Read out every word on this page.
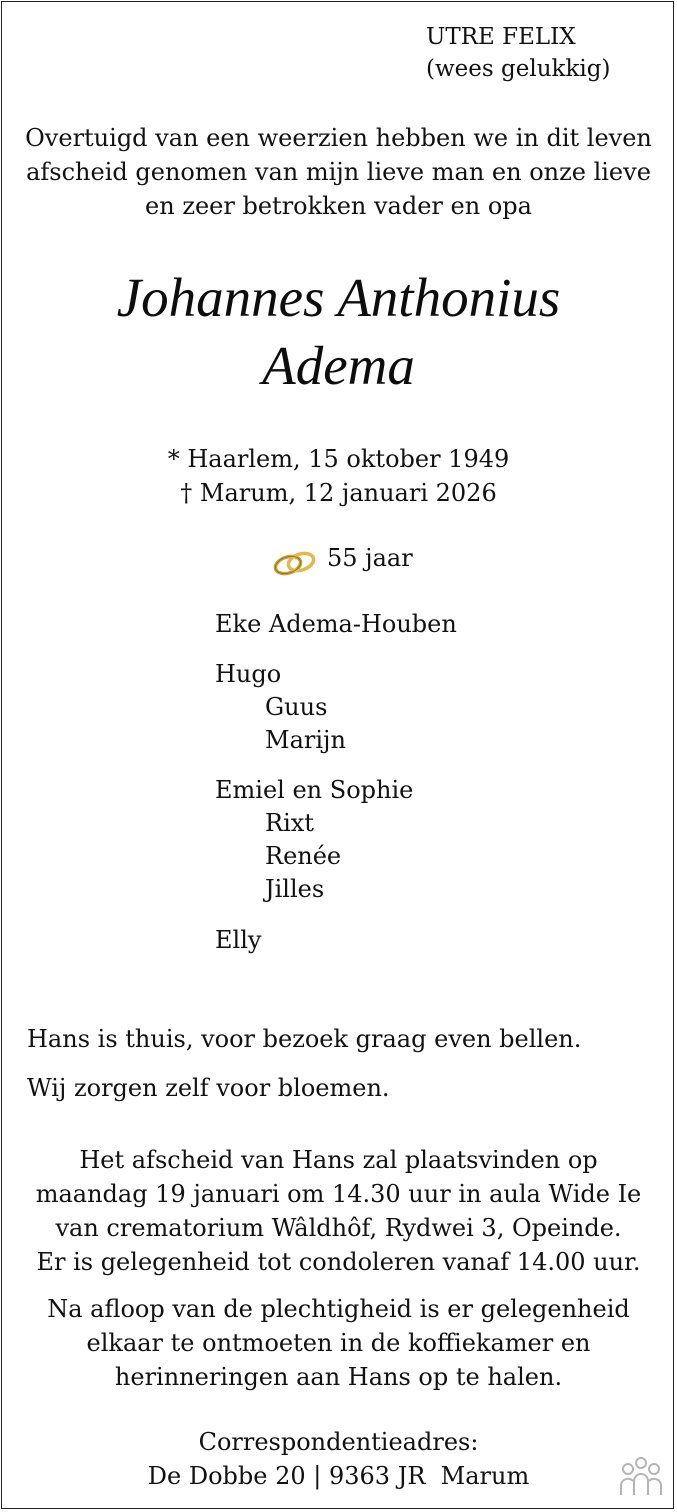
UTRE FELIX
(wees gelukkig)
Overtuigd van een weerzien hebben we in dit leven
afscheid genomen van mijn lieve man en onze lieve
en zeer betrokken vader en opa
Johannes Anthonius
Adema
* Haarlem, 15 oktober 1949
† Marum, 12 januari 2026
55 jaar
Eke Adema-Houben
Hugo
Guus
Marijn
Emiel en Sophie
Rixt
Renée
Jilles
Elly
Hans is thuis, voor bezoek graag even bellen.
Wij zorgen zelf voor bloemen.
Het afscheid van Hans zal plaatsvinden op
maandag 19 januari om 14.30 uur in aula Wide Ie
van crematorium Wâldhôf, Rydwei 3, Opeinde.
Er is gelegenheid tot condoleren vanaf 14.00 uur.
Na afloop van de plechtigheid is er gelegenheid
elkaar te ontmoeten in de koffiekamer en
herinneringen aan Hans op te halen.
Correspondentieadres:
De Dobbe 20 | 9363 JR  Marum
